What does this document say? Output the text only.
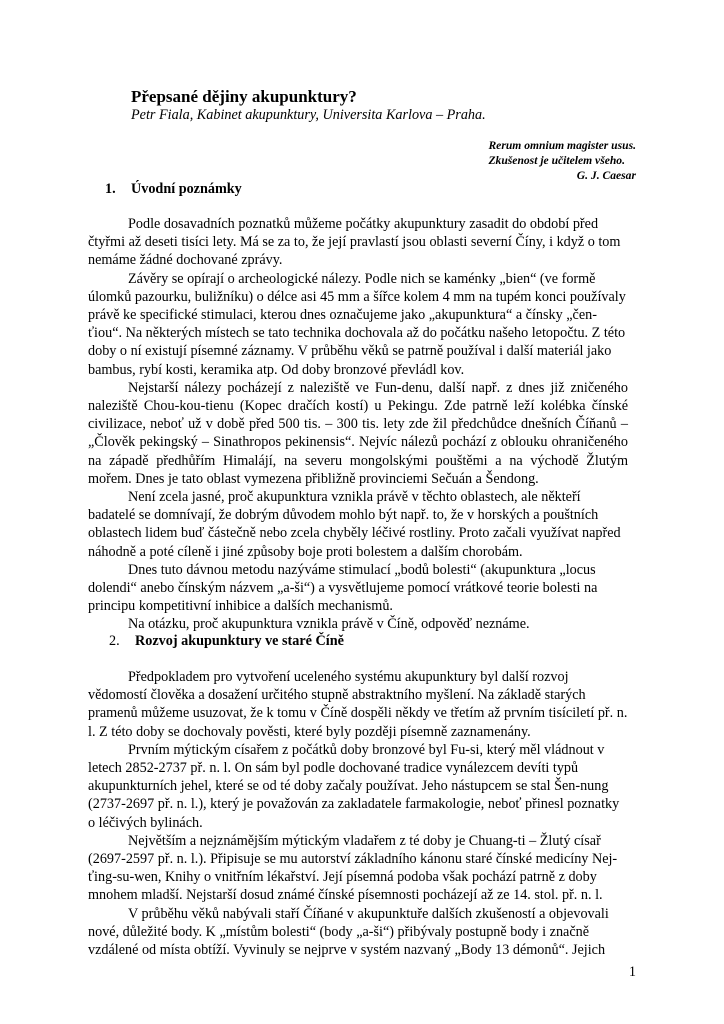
Přepsané dějiny akupunktury?
Petr Fiala, Kabinet akupunktury, Universita Karlova – Praha.
Rerum omnium magister usus.
Zkušenost je učitelem všeho.
G. J. Caesar
1. Úvodní poznámky

Podle dosavadních poznatků můžeme počátky akupunktury zasadit do období před čtyřmi až deseti tisíci lety. Má se za to, že její pravlastí jsou oblasti severní Číny, i když o tom nemáme žádné dochované zprávy.

Závěry se opírají o archeologické nálezy. Podle nich se kaménky „bien“ (ve formě úlomků pazourku, buližníku) o délce asi 45 mm a šířce kolem 4 mm na tupém konci používaly právě ke specifické stimulaci, kterou dnes označujeme jako „akupunktura“ a čínsky „čen-ťiou“. Na některých místech se tato technika dochovala až do počátku našeho letopočtu. Z této doby o ní existují písemné záznamy. V průběhu věků se patrně používal i další materiál jako bambus, rybí kosti, keramika atp. Od doby bronzové převládl kov.

Nejstarší nálezy pocházejí z naleziště ve Fun-denu, další např. z dnes již zničeného naleziště Chou-kou-tienu (Kopec dračích kostí) u Pekingu. Zde patrně leží kolébka čínské civilizace, neboť už v době před 500 tis. – 300 tis. lety zde žil předchůdce dnešních Číňanů – „Člověk pekingský – Sinathropos pekinensis“. Nejvíc nálezů pochází z oblouku ohraničeného na západě předhůřím Himalájí, na severu mongolskými pouštěmi a na východě Žlutým mořem. Dnes je tato oblast vymezena přibližně provinciemi Sečuán a Šendong.

Není zcela jasné, proč akupunktura vznikla právě v těchto oblastech, ale někteří badatelé se domnívají, že dobrým důvodem mohlo být např. to, že v horských a pouštních oblastech lidem buď částečně nebo zcela chyběly léčivé rostliny. Proto začali využívat napřed náhodně a poté cíleně i jiné způsoby boje proti bolestem a dalším chorobám.

Dnes tuto dávnou metodu nazýváme stimulací „bodů bolesti“ (akupunktura „locus dolendi“ anebo čínským názvem „a-ši“) a vysvětlujeme pomocí vrátkové teorie bolesti na principu kompetitivní inhibice a dalších mechanismů.

Na otázku, proč akupunktura vznikla právě v Číně, odpověď neznáme.

2. Rozvoj akupunktury ve staré Číně

Předpokladem pro vytvoření uceleného systému akupunktury byl další rozvoj vědomostí člověka a dosažení určitého stupně abstraktního myšlení. Na základě starých pramenů můžeme usuzovat, že k tomu v Číně dospěli někdy ve třetím až prvním tisíciletí př. n. l. Z této doby se dochovaly pověsti, které byly později písemně zaznamenány.

Prvním mýtickým císařem z počátků doby bronzové byl Fu-si, který měl vládnout v letech 2852-2737 př. n. l. On sám byl podle dochované tradice vynálezcem devíti typů akupunkturních jehel, které se od té doby začaly používat. Jeho nástupcem se stal Šen-nung (2737-2697 př. n. l.), který je považován za zakladatele farmakologie, neboť přinesl poznatky o léčivých bylinách.

Největším a nejznámějším mýtickým vladařem z té doby je Chuang-ti – Žlutý císař (2697-2597 př. n. l.). Připisuje se mu autorství základního kánonu staré čínské medicíny Nej-ťing-su-wen, Knihy o vnitřním lékařství. Její písemná podoba však pochází patrně z doby mnohem mladší. Nejstarší dosud známé čínské písemnosti pocházejí až ze 14. stol. př. n. l.

V průběhu věků nabývali staří Číňané v akupunktuře dalších zkušeností a objevovali nové, důležité body. K „místům bolesti“ (body „a-ši“) přibývaly postupně body i značně vzdálené od místa obtíží. Vyvinuly se nejprve v systém nazvaný „Body 13 démonů“. Jejich

1
